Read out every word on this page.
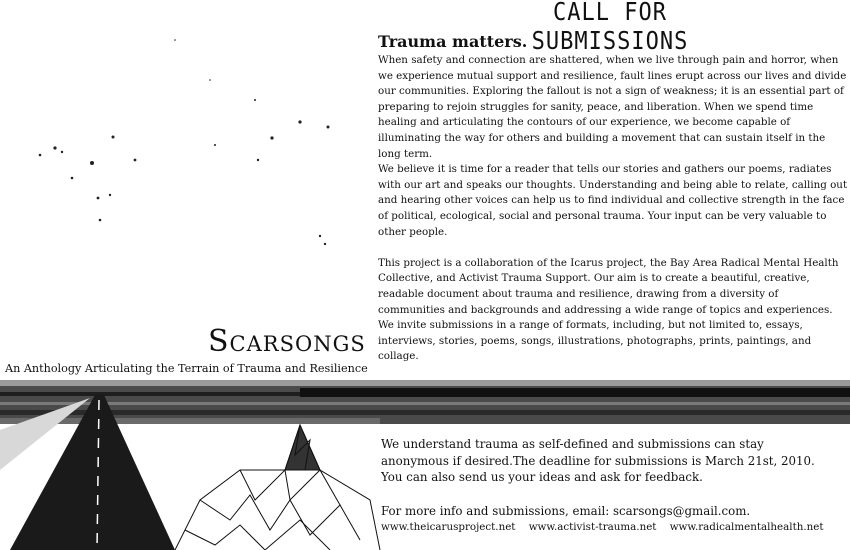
CALL FOR SUBMISSIONS
Trauma matters.

When safety and connection are shattered, when we live through pain and horror, when we experience mutual support and resilience, fault lines erupt across our lives and divide our communities. Exploring the fallout is not a sign of weakness; it is an essential part of preparing to rejoin struggles for sanity, peace, and liberation. When we spend time healing and articulating the contours of our experience, we become capable of illuminating the way for others and building a movement that can sustain itself in the long term.

We believe it is time for a reader that tells our stories and gathers our poems, radiates with our art and speaks our thoughts. Understanding and being able to relate, calling out and hearing other voices can help us to find individual and collective strength in the face of political, ecological, social and personal trauma. Your input can be very valuable to other people.

This project is a collaboration of the Icarus project, the Bay Area Radical Mental Health Collective, and Activist Trauma Support. Our aim is to create a beautiful, creative, readable document about trauma and resilience, drawing from a diversity of communities and backgrounds and addressing a wide range of topics and experiences. We invite submissions in a range of formats, including, but not limited to, essays, interviews, stories, poems, songs, illustrations, photographs, prints, paintings, and collage.

Scarsongs
An Anthology Articulating the Terrain of Trauma and Resilience

We understand trauma as self-defined and submissions can stay anonymous if desired.The deadline for submissions is March 21st, 2010. You can also send us your ideas and ask for feedback.

For more info and submissions, email: scarsongs@gmail.com.
www.theicarusproject.net www.activist-trauma.net www.radicalmentalhealth.net
